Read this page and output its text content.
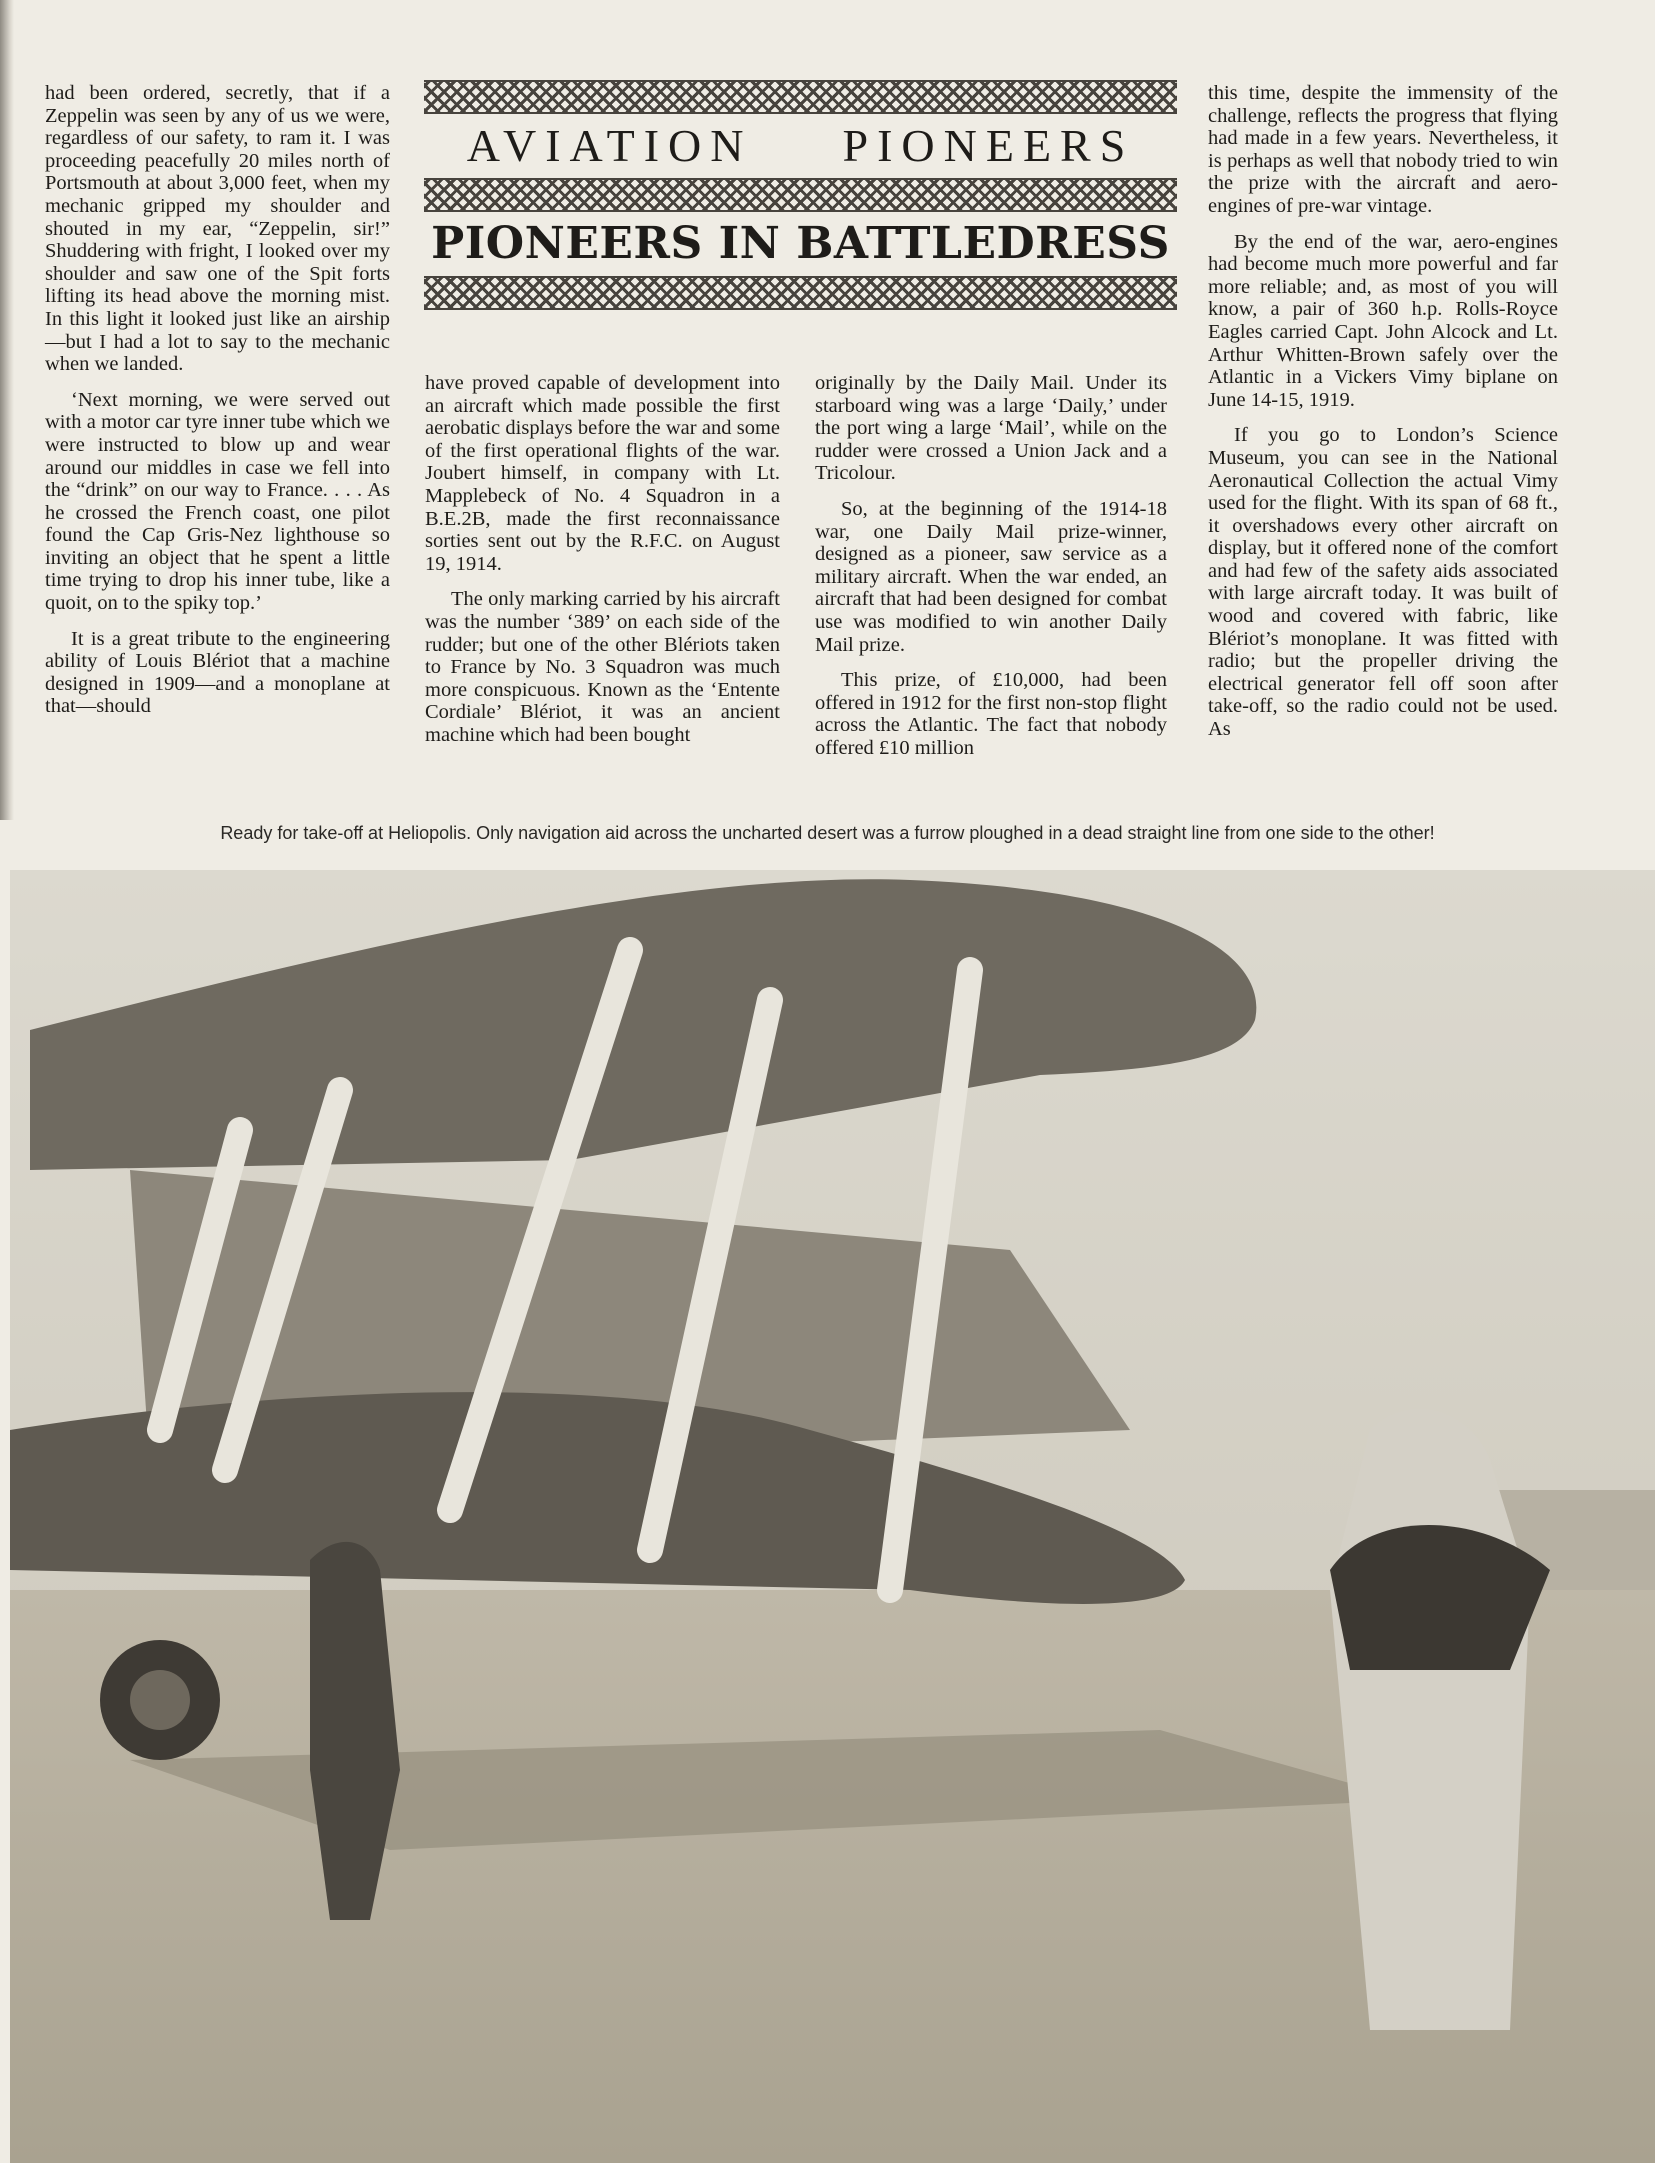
had been ordered, secretly, that if a Zeppelin was seen by any of us we were, regardless of our safety, to ram it. I was proceeding peacefully 20 miles north of Portsmouth at about 3,000 feet, when my mechanic gripped my shoulder and shouted in my ear, “Zeppelin, sir!” Shuddering with fright, I looked over my shoulder and saw one of the Spit forts lifting its head above the morning mist. In this light it looked just like an airship—but I had a lot to say to the mechanic when we landed.

‘Next morning, we were served out with a motor car tyre inner tube which we were instructed to blow up and wear around our middles in case we fell into the “drink” on our way to France. . . . As he crossed the French coast, one pilot found the Cap Gris-Nez lighthouse so inviting an object that he spent a little time trying to drop his inner tube, like a quoit, on to the spiky top.’

It is a great tribute to the engineering ability of Louis Blériot that a machine designed in 1909—and a monoplane at that—should

AVIATION PIONEERS
PIONEERS IN BATTLEDRESS

have proved capable of development into an aircraft which made possible the first aerobatic displays before the war and some of the first operational flights of the war. Joubert himself, in company with Lt. Mapplebeck of No. 4 Squadron in a B.E.2B, made the first reconnaissance sorties sent out by the R.F.C. on August 19, 1914.

The only marking carried by his aircraft was the number ‘389’ on each side of the rudder; but one of the other Blériots taken to France by No. 3 Squadron was much more conspicuous. Known as the ‘Entente Cordiale’ Blériot, it was an ancient machine which had been bought

originally by the Daily Mail. Under its starboard wing was a large ‘Daily,’ under the port wing a large ‘Mail’, while on the rudder were crossed a Union Jack and a Tricolour.

So, at the beginning of the 1914-18 war, one Daily Mail prize-winner, designed as a pioneer, saw service as a military aircraft. When the war ended, an aircraft that had been designed for combat use was modified to win another Daily Mail prize.

This prize, of £10,000, had been offered in 1912 for the first non-stop flight across the Atlantic. The fact that nobody offered £10 million

this time, despite the immensity of the challenge, reflects the progress that flying had made in a few years. Nevertheless, it is perhaps as well that nobody tried to win the prize with the aircraft and aero-engines of pre-war vintage.

By the end of the war, aero-engines had become much more powerful and far more reliable; and, as most of you will know, a pair of 360 h.p. Rolls-Royce Eagles carried Capt. John Alcock and Lt. Arthur Whitten-Brown safely over the Atlantic in a Vickers Vimy biplane on June 14-15, 1919.

If you go to London’s Science Museum, you can see in the National Aeronautical Collection the actual Vimy used for the flight. With its span of 68 ft., it overshadows every other aircraft on display, but it offered none of the comfort and had few of the safety aids associated with large aircraft today. It was built of wood and covered with fabric, like Blériot’s monoplane. It was fitted with radio; but the propeller driving the electrical generator fell off soon after take-off, so the radio could not be used. As

Ready for take-off at Heliopolis. Only navigation aid across the uncharted desert was a furrow ploughed in a dead straight line from one side to the other!
